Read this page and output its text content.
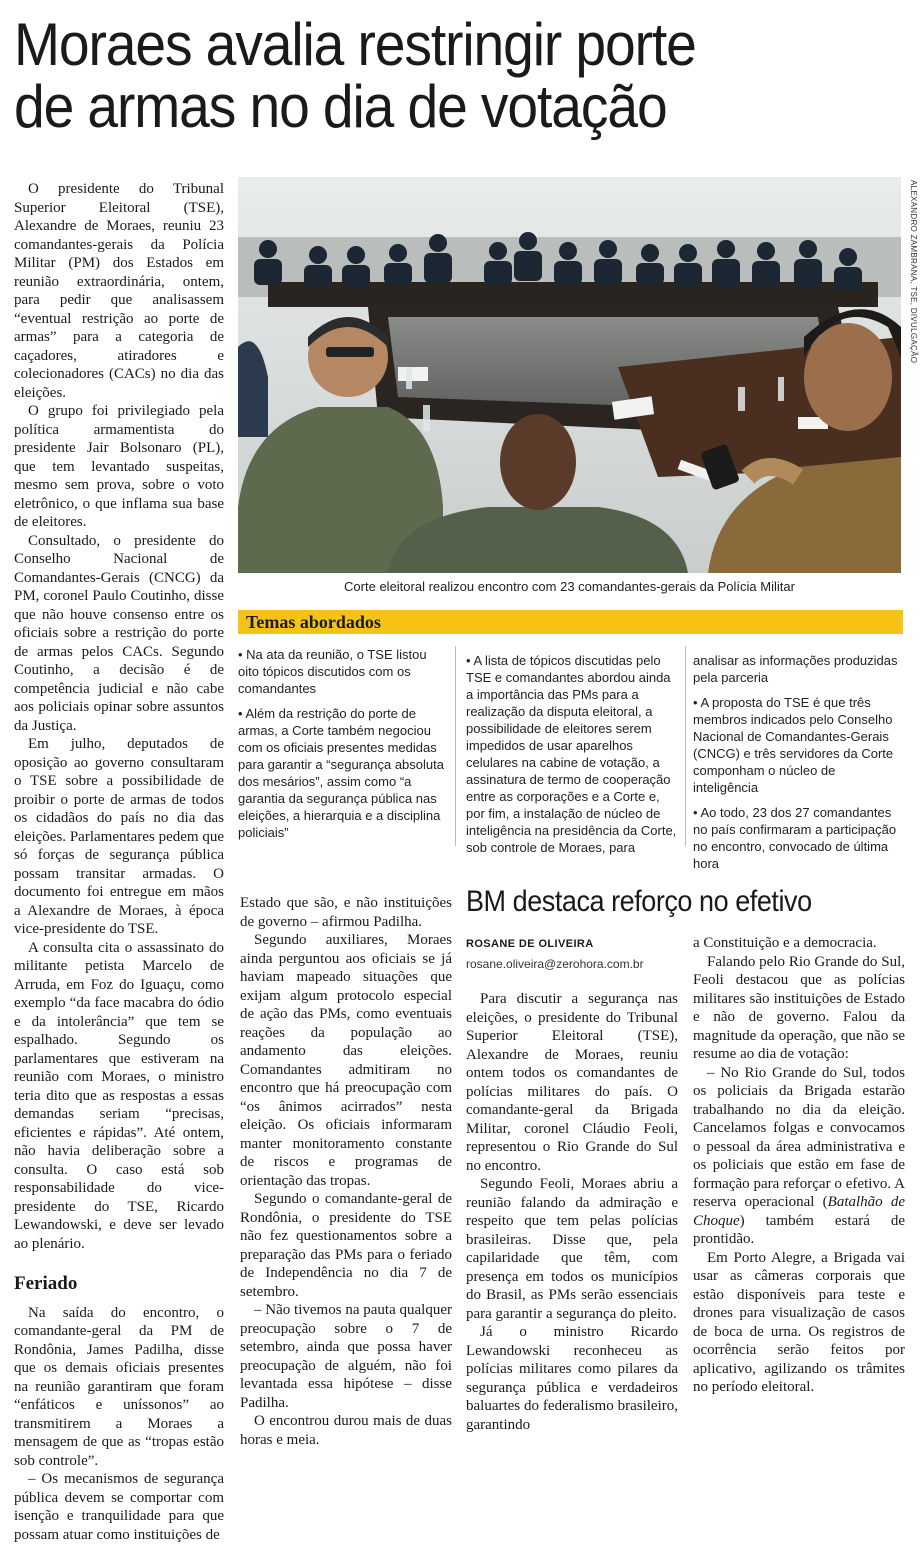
Moraes avalia restringir porte
de armas no dia de votação

O presidente do Tribunal Superior Eleitoral (TSE), Alexandre de Moraes, reuniu 23 comandantes-gerais da Polícia Militar (PM) dos Estados em reunião extraordinária, ontem, para pedir que analisassem “eventual restrição ao porte de armas” para a categoria de caçadores, atiradores e colecionadores (CACs) no dia das eleições.

O grupo foi privilegiado pela política armamentista do presidente Jair Bolsonaro (PL), que tem levantado suspeitas, mesmo sem prova, sobre o voto eletrônico, o que inflama sua base de eleitores.

Consultado, o presidente do Conselho Nacional de Comandantes-Gerais (CNCG) da PM, coronel Paulo Coutinho, disse que não houve consenso entre os oficiais sobre a restrição do porte de armas pelos CACs. Segundo Coutinho, a decisão é de competência judicial e não cabe aos policiais opinar sobre assuntos da Justiça.

Em julho, deputados de oposição ao governo consultaram o TSE sobre a possibilidade de proibir o porte de armas de todos os cidadãos do país no dia das eleições. Parlamentares pedem que só forças de segurança pública possam transitar armadas. O documento foi entregue em mãos a Alexandre de Moraes, à época vice-presidente do TSE.

A consulta cita o assassinato do militante petista Marcelo de Arruda, em Foz do Iguaçu, como exemplo “da face macabra do ódio e da intolerância” que tem se espalhado. Segundo os parlamentares que estiveram na reunião com Moraes, o ministro teria dito que as respostas a essas demandas seriam “precisas, eficientes e rápidas”. Até ontem, não havia deliberação sobre a consulta. O caso está sob responsabilidade do vice-presidente do TSE, Ricardo Lewandowski, e deve ser levado ao plenário.

Feriado

Na saída do encontro, o comandante-geral da PM de Rondônia, James Padilha, disse que os demais oficiais presentes na reunião garantiram que foram “enfáticos e uníssonos” ao transmitirem a Moraes a mensagem de que as “tropas estão sob controle”.

– Os mecanismos de segurança pública devem se comportar com isenção e tranquilidade para que possam atuar como instituições de

ALEXANDRO ZAMBRANA, TSE, DIVULGAÇÃO
Corte eleitoral realizou encontro com 23 comandantes-gerais da Polícia Militar
Temas abordados

• Na ata da reunião, o TSE listou oito tópicos discutidos com os comandantes

• Além da restrição do porte de armas, a Corte também negociou com os oficiais presentes medidas para garantir a “segurança absoluta dos mesários”, assim como “a garantia da segurança pública nas eleições, a hierarquia e a disciplina policiais”

• A lista de tópicos discutidas pelo TSE e comandantes abordou ainda a importância das PMs para a realização da disputa eleitoral, a possibilidade de eleitores serem impedidos de usar aparelhos celulares na cabine de votação, a assinatura de termo de cooperação entre as corporações e a Corte e, por fim, a instalação de núcleo de inteligência na presidência da Corte, sob controle de Moraes, para

analisar as informações produzidas pela parceria

• A proposta do TSE é que três membros indicados pelo Conselho Nacional de Comandantes-Gerais (CNCG) e três servidores da Corte componham o núcleo de inteligência

• Ao todo, 23 dos 27 comandantes no país confirmaram a participação no encontro, convocado de última hora

Estado que são, e não instituições de governo – afirmou Padilha.

Segundo auxiliares, Moraes ainda perguntou aos oficiais se já haviam mapeado situações que exijam algum protocolo especial de ação das PMs, como eventuais reações da população ao andamento das eleições. Comandantes admitiram no encontro que há preocupação com “os ânimos acirrados” nesta eleição. Os oficiais informaram manter monitoramento constante de riscos e programas de orientação das tropas.

Segundo o comandante-geral de Rondônia, o presidente do TSE não fez questionamentos sobre a preparação das PMs para o feriado de Independência no dia 7 de setembro.

– Não tivemos na pauta qualquer preocupação sobre o 7 de setembro, ainda que possa haver preocupação de alguém, não foi levantada essa hipótese – disse Padilha.

O encontrou durou mais de duas horas e meia.

BM destaca reforço no efetivo
ROSANE DE OLIVEIRA
rosane.oliveira@zerohora.com.br

Para discutir a segurança nas eleições, o presidente do Tribunal Superior Eleitoral (TSE), Alexandre de Moraes, reuniu ontem todos os comandantes de polícias militares do país. O comandante-geral da Brigada Militar, coronel Cláudio Feoli, representou o Rio Grande do Sul no encontro.

Segundo Feoli, Moraes abriu a reunião falando da admiração e respeito que tem pelas polícias brasileiras. Disse que, pela capilaridade que têm, com presença em todos os municípios do Brasil, as PMs serão essenciais para garantir a segurança do pleito.

Já o ministro Ricardo Lewandowski reconheceu as polícias militares como pilares da segurança pública e verdadeiros baluartes do federalismo brasileiro, garantindo

a Constituição e a democracia.

Falando pelo Rio Grande do Sul, Feoli destacou que as polícias militares são instituições de Estado e não de governo. Falou da magnitude da operação, que não se resume ao dia de votação:

– No Rio Grande do Sul, todos os policiais da Brigada estarão trabalhando no dia da eleição. Cancelamos folgas e convocamos o pessoal da área administrativa e os policiais que estão em fase de formação para reforçar o efetivo. A reserva operacional (Batalhão de Choque) também estará de prontidão.

Em Porto Alegre, a Brigada vai usar as câmeras corporais que estão disponíveis para teste e drones para visualização de casos de boca de urna. Os registros de ocorrência serão feitos por aplicativo, agilizando os trâmites no período eleitoral.
